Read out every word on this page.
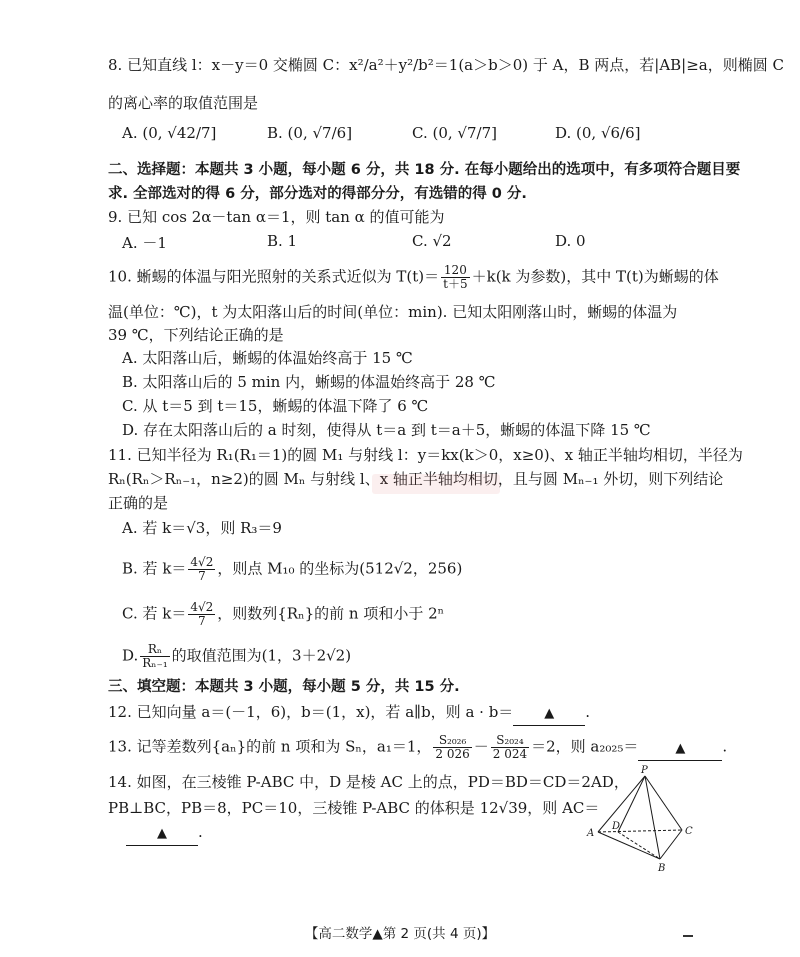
8. 已知直线 l：x－y＝0 交椭圆 C：x²/a²＋y²/b²＝1(a＞b＞0) 于 A，B 两点，若|AB|≥a，则椭圆 C
的离心率的取值范围是
A. (0, √42/7]	B. (0, √7/6]	C. (0, √7/7]	D. (0, √6/6]
二、选择题：本题共 3 小题，每小题 6 分，共 18 分. 在每小题给出的选项中，有多项符合题目要
求. 全部选对的得 6 分，部分选对的得部分分，有选错的得 0 分.
9. 已知 cos 2α－tan α＝1，则 tan α 的值可能为
A. －1	B. 1	C. √2	D. 0
10. 蜥蜴的体温与阳光照射的关系式近似为 $T(t)= \frac{120}{t+5} +k(k$ 为参数)，其中 T(t)为蜥蜴的体
温(单位：℃)，t 为太阳落山后的时间(单位：min). 已知太阳刚落山时，蜥蜴的体温为
39 ℃，下列结论正确的是
A. 太阳落山后，蜥蜴的体温始终高于 15 ℃
B. 太阳落山后的 5 min 内，蜥蜴的体温始终高于 28 ℃
C. 从 t＝5 到 t＝15，蜥蜴的体温下降了 6 ℃
D. 存在太阳落山后的 a 时刻，使得从 t＝a 到 t＝a＋5，蜥蜴的体温下降 15 ℃
11. 已知半径为 R₁(R₁＝1)的圆 M₁ 与射线 l：y＝kx(k＞0，x≥0)、x 轴正半轴均相切，半径为
Rₙ(Rₙ＞Rₙ₋₁，n≥2)的圆 Mₙ 与射线 l、x 轴正半轴均相切，且与圆 Mₙ₋₁ 外切，则下列结论
正确的是
A. 若 k＝√3，则 R₃＝9
B. 若 $k= \frac{4√2}{7}$ ，则点 M₁₀ 的坐标为(512√2，256)
C. 若 $k= \frac{4√2}{7}$ ，则数列{Rₙ}的前 n 项和小于 2ⁿ
D. $\frac{\text{Rₙ}}{\text{Rₙ₋₁}}$ 的取值范围为(1，3＋2√2)
三、填空题：本题共 3 小题，每小题 5 分，共 15 分.
12. 已知向量 a＝(－1，6)，b＝(1，x)，若 a∥b，则 a · b＝ ▲ .
13. 记等差数列{aₙ}的前 n 项和为 Sₙ，a₁＝1， $\frac{\text{S₂₀₂₆}}{2 026} - \frac{\text{S₂₀₂₄}}{2 024} =2$，则 a₂₀₂₅＝	▲ .
14. 如图，在三棱锥 P-ABC 中，D 是棱 AC 上的点，PD＝BD＝CD＝2AD，
PB⊥BC，PB＝8，PC＝10，三棱锥 P-ABC 的体积是 12√39，则 AC＝
▲ .
P
A
D	C
B
【高二数学▲第 2 页(共 4 页)】
